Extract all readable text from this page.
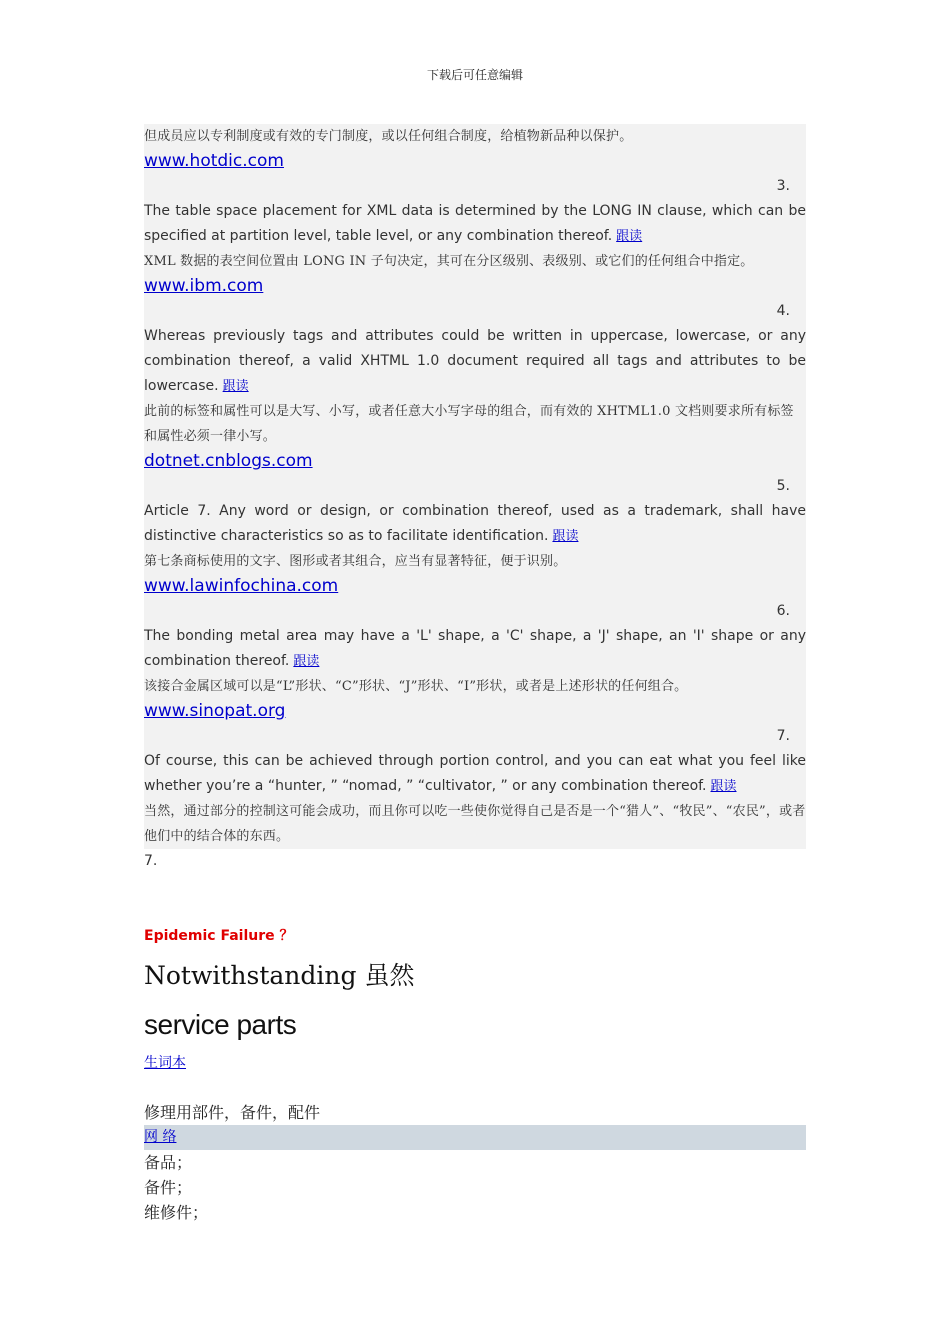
下载后可任意编辑
但成员应以专利制度或有效的专门制度，或以任何组合制度，给植物新品种以保护。
www.hotdic.com
3.
The table space placement for XML data is determined by the LONG IN clause, which can be specified at partition level, table level, or any combination thereof. 跟读
XML 数据的表空间位置由 LONG IN 子句决定，其可在分区级别、表级别、或它们的任何组合中指定。
www.ibm.com
4.
Whereas previously tags and attributes could be written in uppercase, lowercase, or any combination thereof, a valid XHTML 1.0 document required all tags and attributes to be lowercase. 跟读
此前的标签和属性可以是大写、小写，或者任意大小写字母的组合，而有效的 XHTML1.0 文档则要求所有标签和属性必须一律小写。
dotnet.cnblogs.com
5.
Article 7. Any word or design, or combination thereof, used as a trademark, shall have distinctive characteristics so as to facilitate identification. 跟读
第七条商标使用的文字、图形或者其组合，应当有显著特征，便于识别。
www.lawinfochina.com
6.
The bonding metal area may have a 'L' shape, a 'C' shape, a 'J' shape, an 'I' shape or any combination thereof. 跟读
该接合金属区域可以是“L”形状、“C”形状、“J”形状、“I”形状，或者是上述形状的任何组合。
www.sinopat.org
7.
Of course, this can be achieved through portion control, and you can eat what you feel like whether you’re a “hunter, ” “nomad, ” “cultivator, ” or any combination thereof. 跟读
当然，通过部分的控制这可能会成功，而且你可以吃一些使你觉得自己是否是一个“猎人”、“牧民”、“农民”，或者他们中的结合体的东西。
7.
Epidemic Failure ？
Notwithstanding 虽然
service parts
生词本
修理用部件，备件，配件
网 络
备品；
备件；
维修件；
